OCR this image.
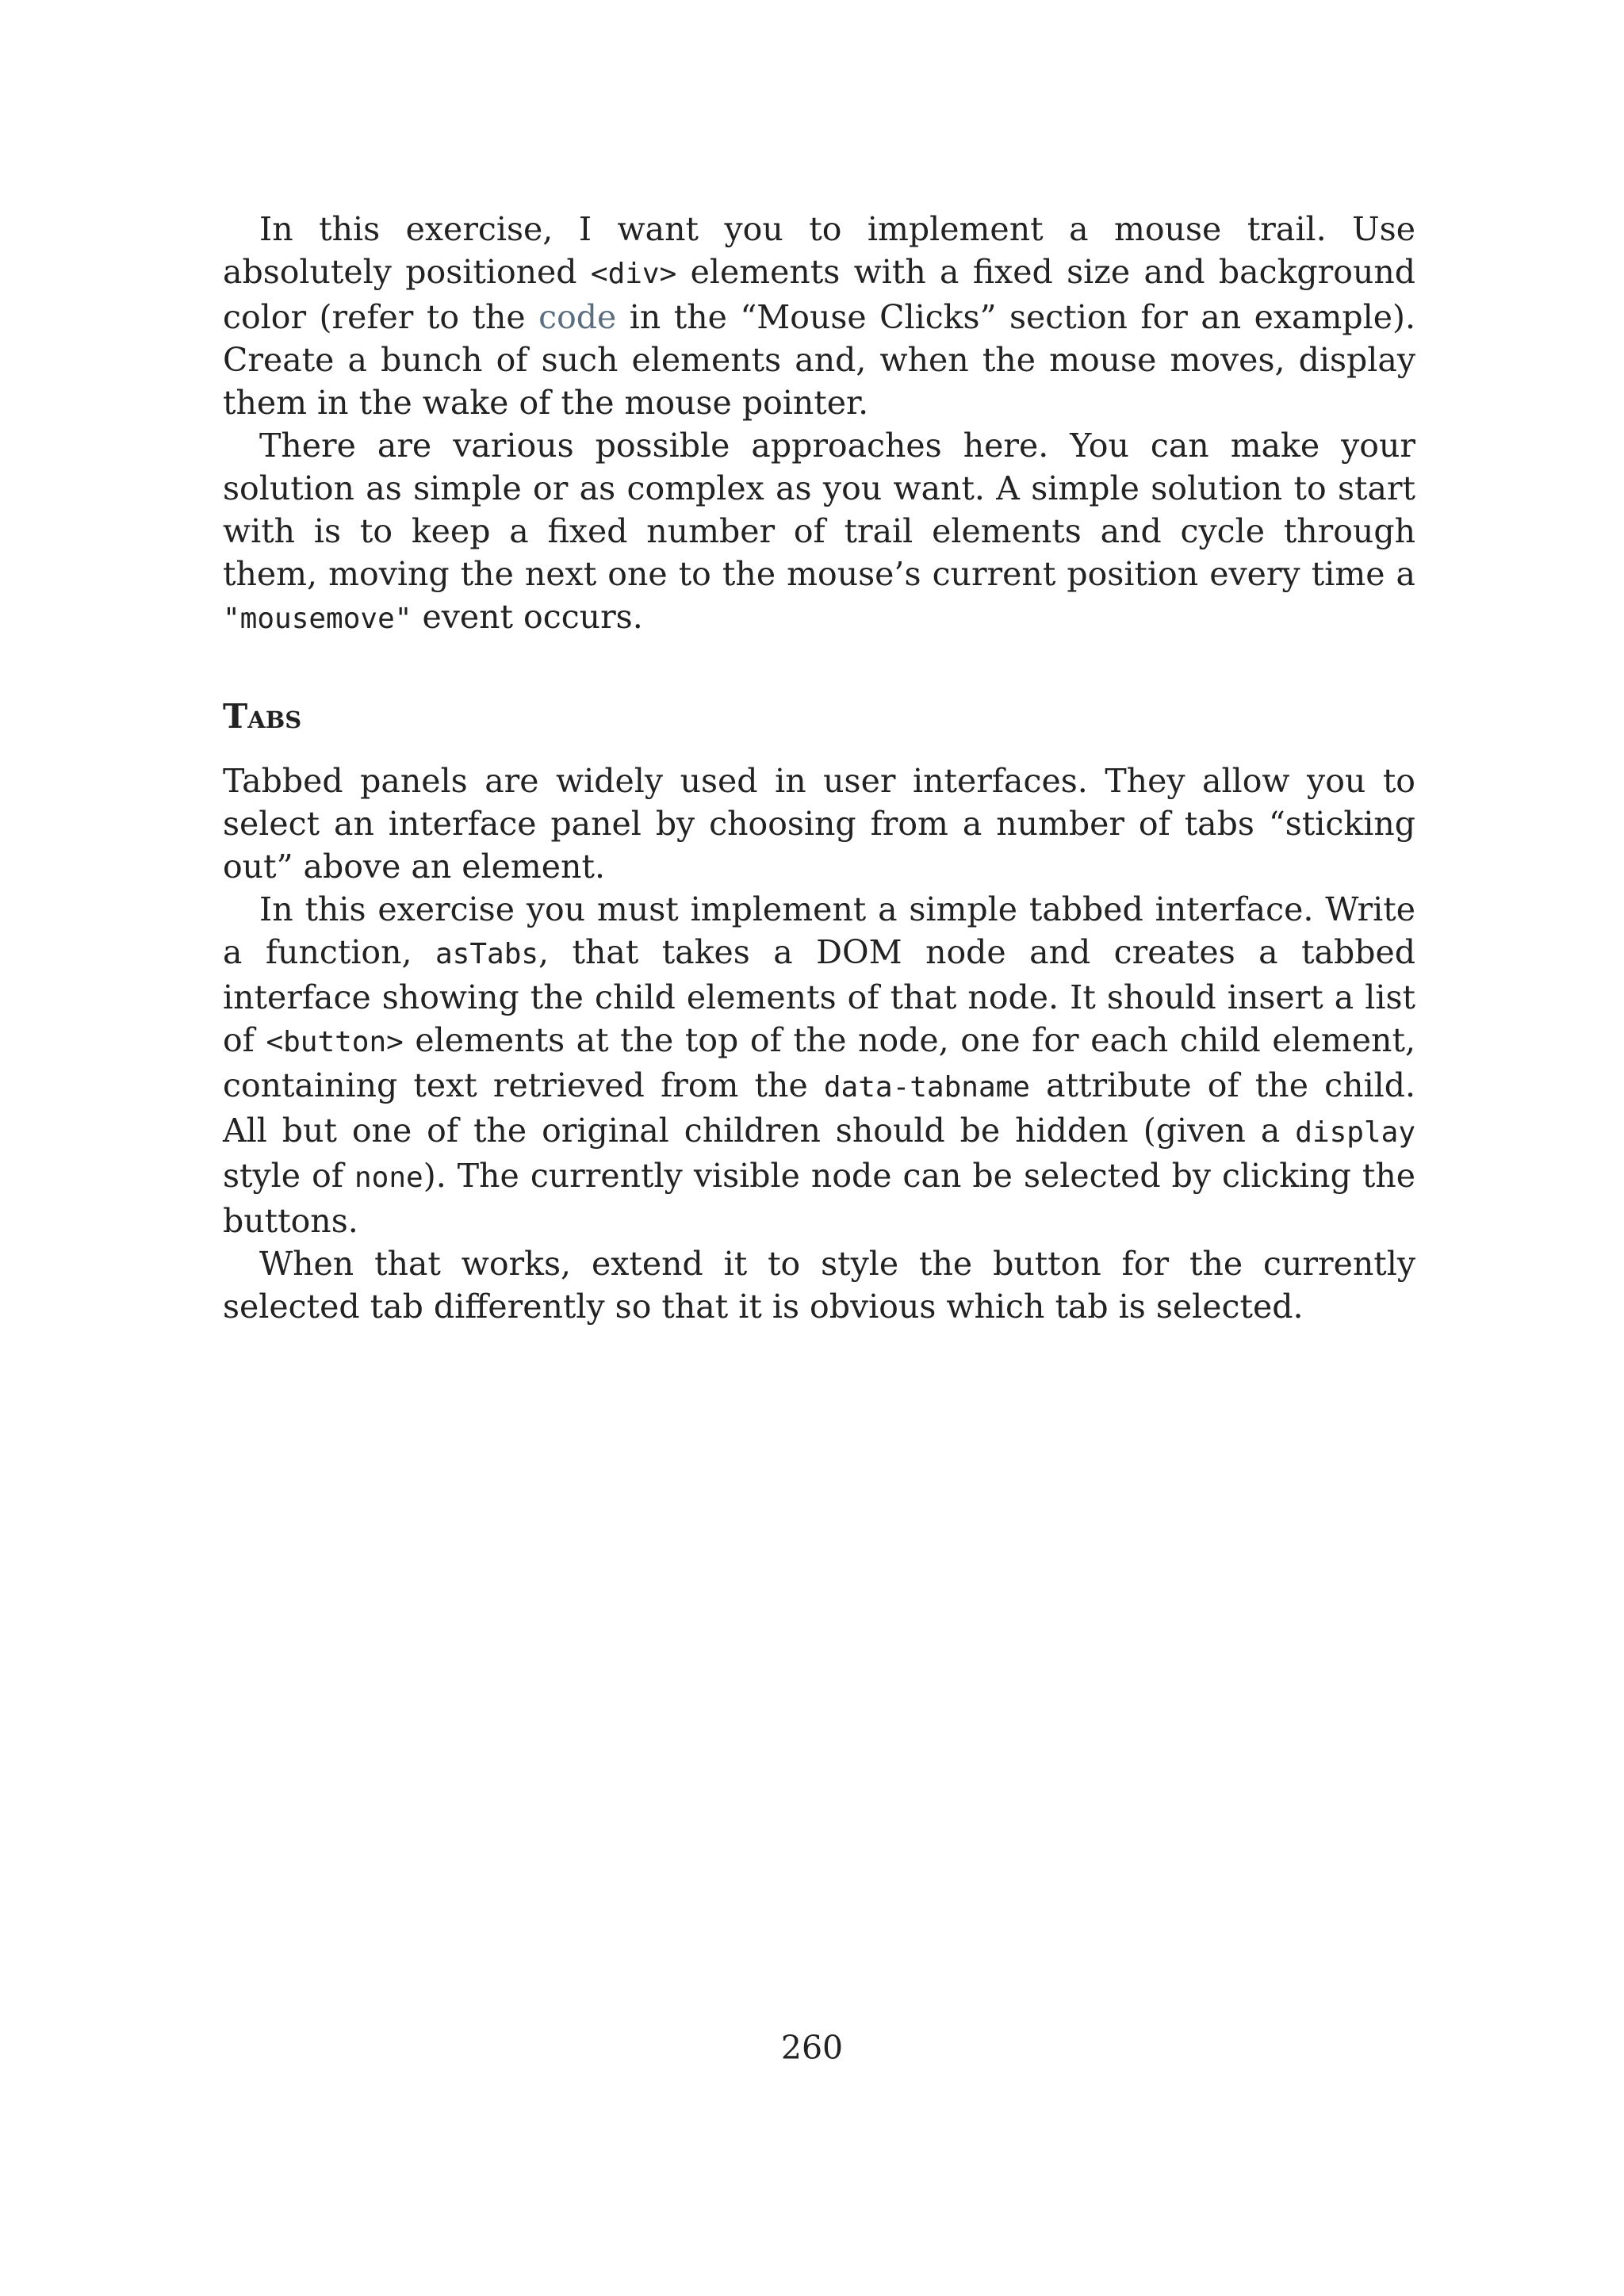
In this exercise, I want you to implement a mouse trail. Use absolutely positioned <div> elements with a fixed size and background color (refer to the code in the “Mouse Clicks” section for an example). Create a bunch of such elements and, when the mouse moves, display them in the wake of the mouse pointer.

There are various possible approaches here. You can make your solution as simple or as complex as you want. A simple solution to start with is to keep a fixed number of trail elements and cycle through them, moving the next one to the mouse’s current position every time a "mousemove" event occurs.

Tabs

Tabbed panels are widely used in user interfaces. They allow you to select an interface panel by choosing from a number of tabs “sticking out” above an element.

In this exercise you must implement a simple tabbed interface. Write a function, asTabs, that takes a DOM node and creates a tabbed interface showing the child elements of that node. It should insert a list of <button> elements at the top of the node, one for each child element, containing text retrieved from the data-tabname attribute of the child. All but one of the original children should be hidden (given a display style of none). The currently visible node can be selected by clicking the buttons.

When that works, extend it to style the button for the currently selected tab differently so that it is obvious which tab is selected.

260
